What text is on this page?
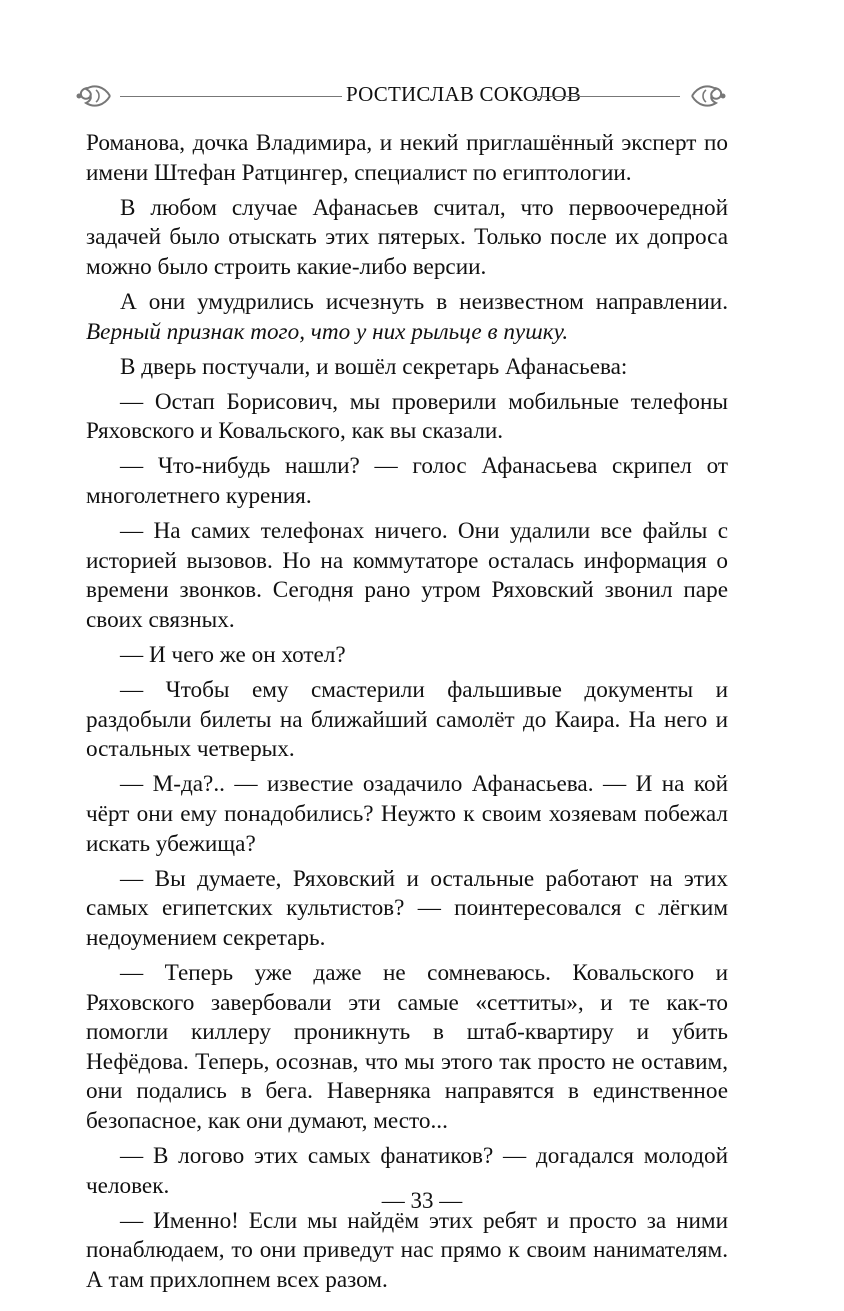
РОСТИСЛАВ СОКОЛОВ

Романова, дочка Владимира, и некий приглашённый эксперт по имени Штефан Ратцингер, специалист по египтологии.

В любом случае Афанасьев считал, что первоочередной задачей было отыскать этих пятерых. Только после их допроса можно было строить какие-либо версии.

А они умудрились исчезнуть в неизвестном направлении. Верный признак того, что у них рыльце в пушку.

В дверь постучали, и вошёл секретарь Афанасьева:

— Остап Борисович, мы проверили мобильные телефоны Ряховского и Ковальского, как вы сказали.

— Что-нибудь нашли? — голос Афанасьева скрипел от многолетнего курения.

— На самих телефонах ничего. Они удалили все файлы с историей вызовов. Но на коммутаторе осталась информация о времени звонков. Сегодня рано утром Ряховский звонил паре своих связных.

— И чего же он хотел?

— Чтобы ему смастерили фальшивые документы и раздобыли билеты на ближайший самолёт до Каира. На него и остальных четверых.

— М-да?.. — известие озадачило Афанасьева. — И на кой чёрт они ему понадобились? Неужто к своим хозяевам побежал искать убежища?

— Вы думаете, Ряховский и остальные работают на этих самых египетских культистов? — поинтересовался с лёгким недоумением секретарь.

— Теперь уже даже не сомневаюсь. Ковальского и Ряховского завербовали эти самые «сеттиты», и те как-то помогли киллеру проникнуть в штаб-квартиру и убить Нефёдова. Теперь, осознав, что мы этого так просто не оставим, они подались в бега. Наверняка направятся в единственное безопасное, как они думают, место...

— В логово этих самых фанатиков? — догадался молодой человек.

— Именно! Если мы найдём этих ребят и просто за ними понаблюдаем, то они приведут нас прямо к своим нанимателям. А там прихлопнем всех разом.

— 33 —
